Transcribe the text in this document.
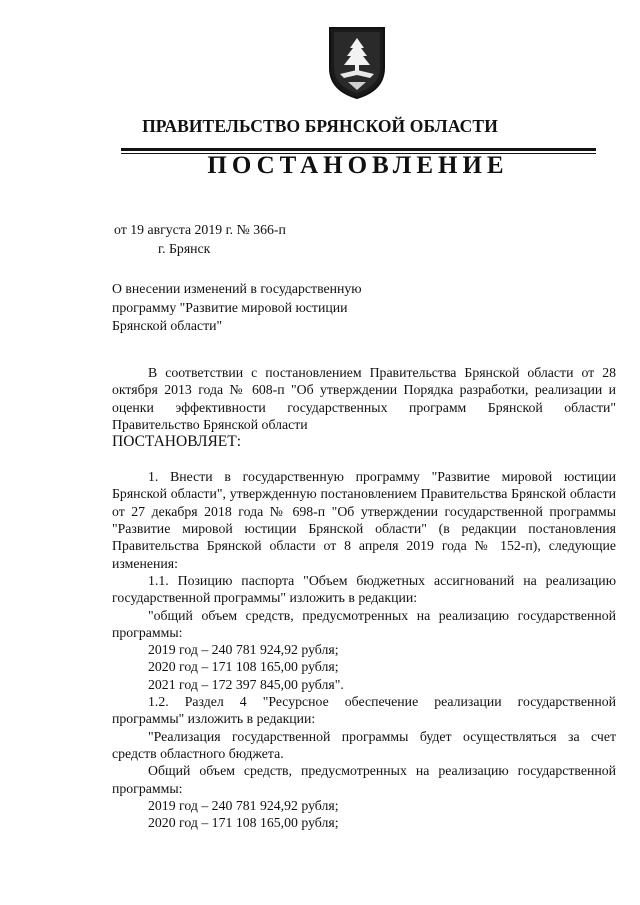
ПРАВИТЕЛЬСТВО БРЯНСКОЙ ОБЛАСТИ
ПОСТАНОВЛЕНИЕ
от 19 августа 2019 г. № 366-п
г. Брянск
О внесении изменений в государственную
программу "Развитие мировой юстиции
Брянской области"
В соответствии с постановлением Правительства Брянской области от 28 октября 2013 года № 608-п "Об утверждении Порядка разработки, реализации и оценки эффективности государственных программ Брянской области" Правительство Брянской области
ПОСТАНОВЛЯЕТ:
1. Внести в государственную программу "Развитие мировой юстиции Брянской области", утвержденную постановлением Правительства Брянской области от 27 декабря 2018 года № 698-п "Об утверждении государственной программы "Развитие мировой юстиции Брянской области" (в редакции постановления Правительства Брянской области от 8 апреля 2019 года № 152-п), следующие изменения:
1.1. Позицию паспорта "Объем бюджетных ассигнований на реализацию государственной программы" изложить в редакции:
"общий объем средств, предусмотренных на реализацию государственной программы:
2019 год – 240 781 924,92 рубля;
2020 год – 171 108 165,00 рубля;
2021 год – 172 397 845,00 рубля".
1.2. Раздел 4 "Ресурсное обеспечение реализации государственной программы" изложить в редакции:
"Реализация государственной программы будет осуществляться за счет средств областного бюджета.
Общий объем средств, предусмотренных на реализацию государственной программы:
2019 год – 240 781 924,92 рубля;
2020 год – 171 108 165,00 рубля;
